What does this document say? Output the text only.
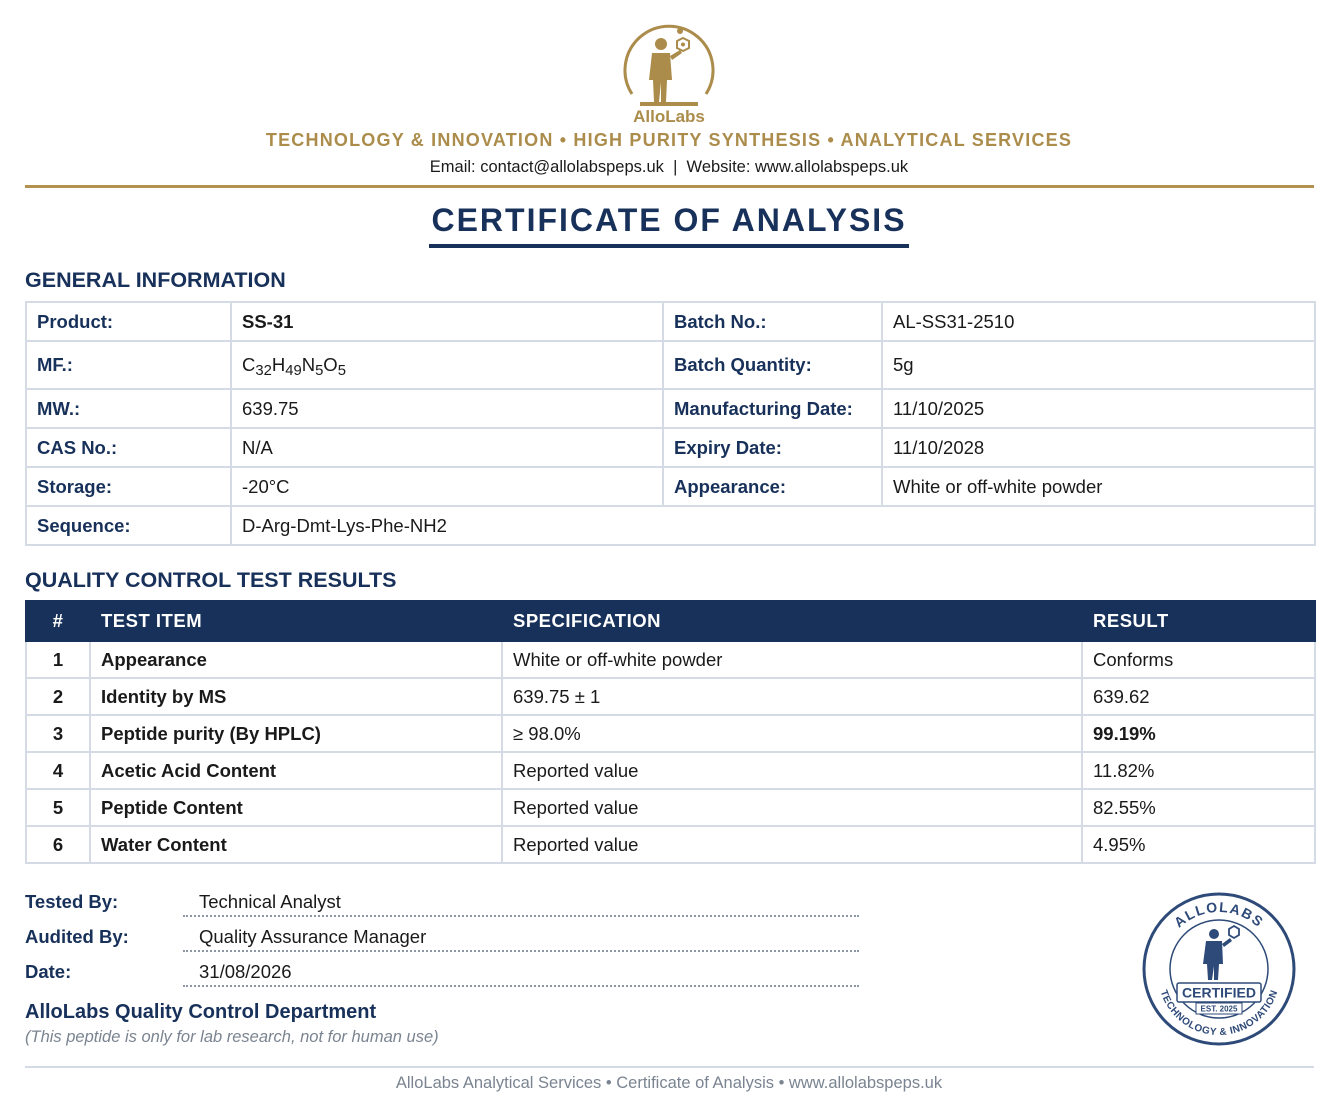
AlloLabs
TECHNOLOGY & INNOVATION • HIGH PURITY SYNTHESIS • ANALYTICAL SERVICES
Email: contact@allolabspeps.uk  |  Website: www.allolabspeps.uk
CERTIFICATE OF ANALYSIS
GENERAL INFORMATION
Product:	SS-31	Batch No.:	AL-SS31-2510
MF.:	$C_{32}H_{49}N_5O_5$	Batch Quantity:	5g
MW.:	639.75	Manufacturing Date:	11/10/2025
CAS No.:	N/A	Expiry Date:	11/10/2028
Storage:	-20°C	Appearance:	White or off-white powder
Sequence:	D-Arg-Dmt-Lys-Phe-NH2		
QUALITY CONTROL TEST RESULTS
#	TEST ITEM	SPECIFICATION	RESULT
1	Appearance	White or off-white powder	Conforms
2	Identity by MS	639.75 ± 1	639.62
3	Peptide purity (By HPLC)	≥ 98.0%	99.19%
4	Acetic Acid Content	Reported value	11.82%
5	Peptide Content	Reported value	82.55%
6	Water Content	Reported value	4.95%
Tested By:	Technical Analyst
Audited By:	Quality Assurance Manager
Date:	31/08/2026
AlloLabs Quality Control Department
(This peptide is only for lab research, not for human use)
ALLOLABS
TECHNOLOGY & INNOVATION
CERTIFIED
EST. 2025
AlloLabs Analytical Services • Certificate of Analysis • www.allolabspeps.uk
